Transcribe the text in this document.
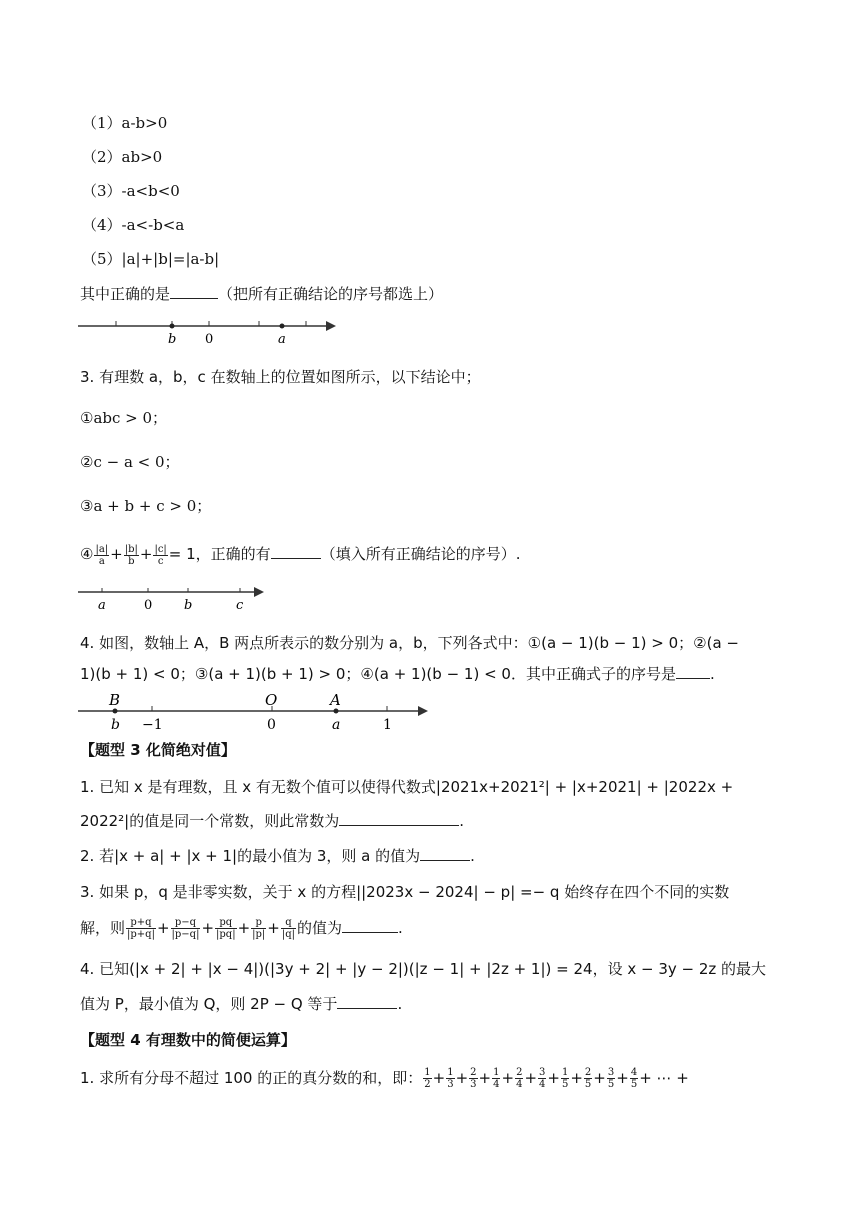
（1）a-b>0
（2）ab>0
（3）-a<b<0
（4）-a<-b<a
（5）|a|+|b|=|a-b|
其中正确的是	（把所有正确结论的序号都选上）
b 0	a
3. 有理数 a，b，c 在数轴上的位置如图所示，以下结论中；
①abc > 0；
②c − a < 0；
③a + b + c > 0；
④ $\frac{|a|}{a} + \frac{|b|}{b} + \frac{|c|}{c} = 1$，正确的有	（填入所有正确结论的序号）.
a	0 b	c
4. 如图，数轴上 A，B 两点所表示的数分别为 a，b，下列各式中：①(a − 1)(b − 1) > 0；②(a −
1)(b + 1) < 0；③(a + 1)(b + 1) > 0；④(a + 1)(b − 1) < 0．其中正确式子的序号是 .
B
b −1
O
0
A
a	1
【题型 3 化简绝对值】
1. 已知 x 是有理数，且 x 有无数个值可以使得代数式|2021x+2021²| + |x+2021| + |2022x +
2022²|的值是同一个常数，则此常数为	.
2. 若|x + a| + |x + 1|的最小值为 3，则 a 的值为	.
3. 如果 p，q 是非零实数，关于 x 的方程||2023x − 2024| − p| =− q 始终存在四个不同的实数
解，则 $\frac{p+q}{|p+q|} + \frac{p-q}{|p-q|} + \frac{pq}{|pq|} + \frac{p}{|p|} + \frac{q}{|q|}$ 的值为	.
4. 已知(|x + 2| + |x − 4|)(|3y + 2| + |y − 2|)(|z − 1| + |2z + 1|) = 24，设 x − 3y − 2z 的最大
值为 P，最小值为 Q，则 2P − Q 等于	.
【题型 4 有理数中的简便运算】
1. 求所有分母不超过 100 的正的真分数的和，即： $\frac{1}{2} + \frac{1}{3} + \frac{2}{3} + \frac{1}{4} + \frac{2}{4} + \frac{3}{4} + \frac{1}{5} + \frac{2}{5} + \frac{3}{5} + \frac{4}{5}$ + ⋯ +
